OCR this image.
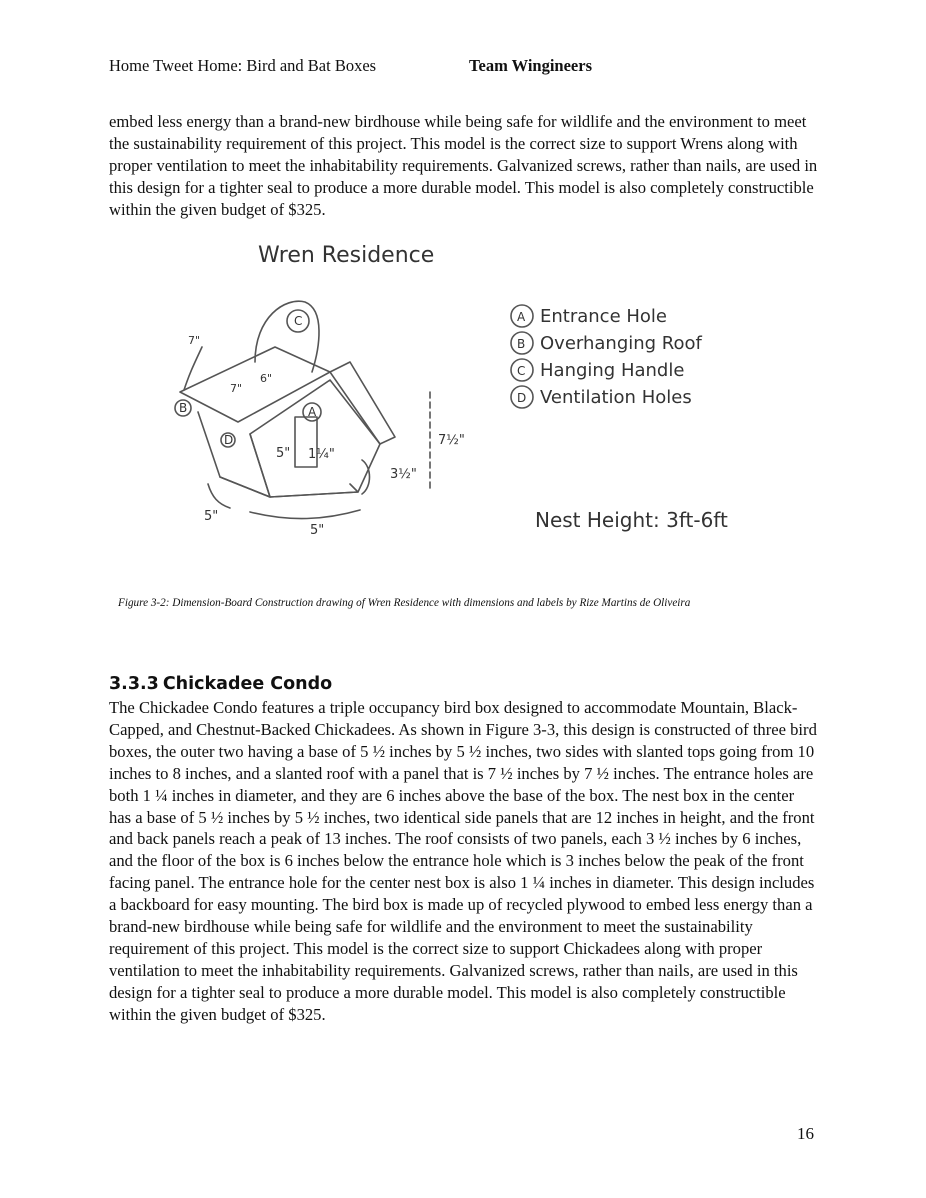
Home Tweet Home: Bird and Bat Boxes	Team Wingineers

embed less energy than a brand-new birdhouse while being safe for wildlife and the environment to meet the sustainability requirement of this project. This model is the correct size to support Wrens along with proper ventilation to meet the inhabitability requirements. Galvanized screws, rather than nails, are used in this design for a tighter seal to produce a more durable model. This model is also completely constructible within the given budget of $325.

C
A
B
D
Wren Residence
7"
7"
6"
5" 1¼"
7½"
3½"
5"
5"
A Entrance Hole
B Overhanging Roof
C Hanging Handle
D Ventilation Holes
Nest Height: 3ft-6ft
Figure 3-2: Dimension-Board Construction drawing of Wren Residence with dimensions and labels by Rize Martins de Oliveira
3.3.3 Chickadee Condo

The Chickadee Condo features a triple occupancy bird box designed to accommodate Mountain, Black-Capped, and Chestnut-Backed Chickadees. As shown in Figure 3-3, this design is constructed of three bird boxes, the outer two having a base of 5 ½ inches by 5 ½ inches, two sides with slanted tops going from 10 inches to 8 inches, and a slanted roof with a panel that is 7 ½ inches by 7 ½ inches. The entrance holes are both 1 ¼ inches in diameter, and they are 6 inches above the base of the box. The nest box in the center has a base of 5 ½ inches by 5 ½ inches, two identical side panels that are 12 inches in height, and the front and back panels reach a peak of 13 inches. The roof consists of two panels, each 3 ½ inches by 6 inches, and the floor of the box is 6 inches below the entrance hole which is 3 inches below the peak of the front facing panel. The entrance hole for the center nest box is also 1 ¼ inches in diameter. This design includes a backboard for easy mounting. The bird box is made up of recycled plywood to embed less energy than a brand-new birdhouse while being safe for wildlife and the environment to meet the sustainability requirement of this project. This model is the correct size to support Chickadees along with proper ventilation to meet the inhabitability requirements. Galvanized screws, rather than nails, are used in this design for a tighter seal to produce a more durable model. This model is also completely constructible within the given budget of $325.

16
